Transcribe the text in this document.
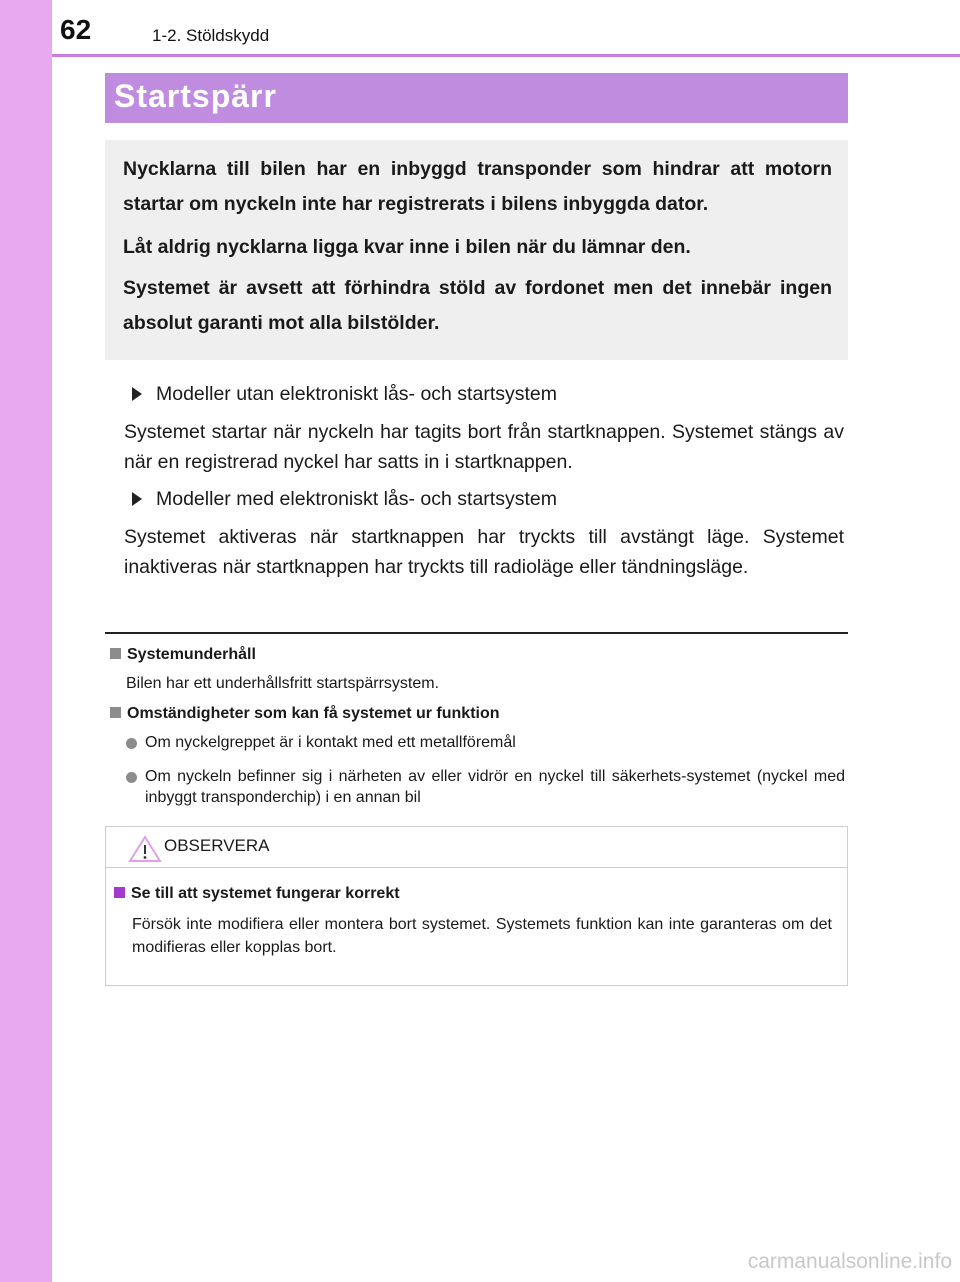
62	1-2. Stöldskydd
Startspärr

Nycklarna till bilen har en inbyggd transponder som hindrar att motorn startar om nyckeln inte har registrerats i bilens inbyggda dator.

Låt aldrig nycklarna ligga kvar inne i bilen när du lämnar den.

Systemet är avsett att förhindra stöld av fordonet men det innebär ingen absolut garanti mot alla bilstölder.

Modeller utan elektroniskt lås- och startsystem

Systemet startar när nyckeln har tagits bort från startknappen. Systemet stängs av när en registrerad nyckel har satts in i startknappen.

Modeller med elektroniskt lås- och startsystem

Systemet aktiveras när startknappen har tryckts till avstängt läge. Systemet inaktiveras när startknappen har tryckts till radioläge eller tändningsläge.

Systemunderhåll
Bilen har ett underhållsfritt startspärrsystem.
Omständigheter som kan få systemet ur funktion
Om nyckelgreppet är i kontakt med ett metallföremål
Om nyckeln befinner sig i närheten av eller vidrör en nyckel till säkerhets-systemet (nyckel med inbyggt transponderchip) i en annan bil
OBSERVERA
Se till att systemet fungerar korrekt
Försök inte modifiera eller montera bort systemet. Systemets funktion kan inte garanteras om det modifieras eller kopplas bort.
carmanualsonline.info
